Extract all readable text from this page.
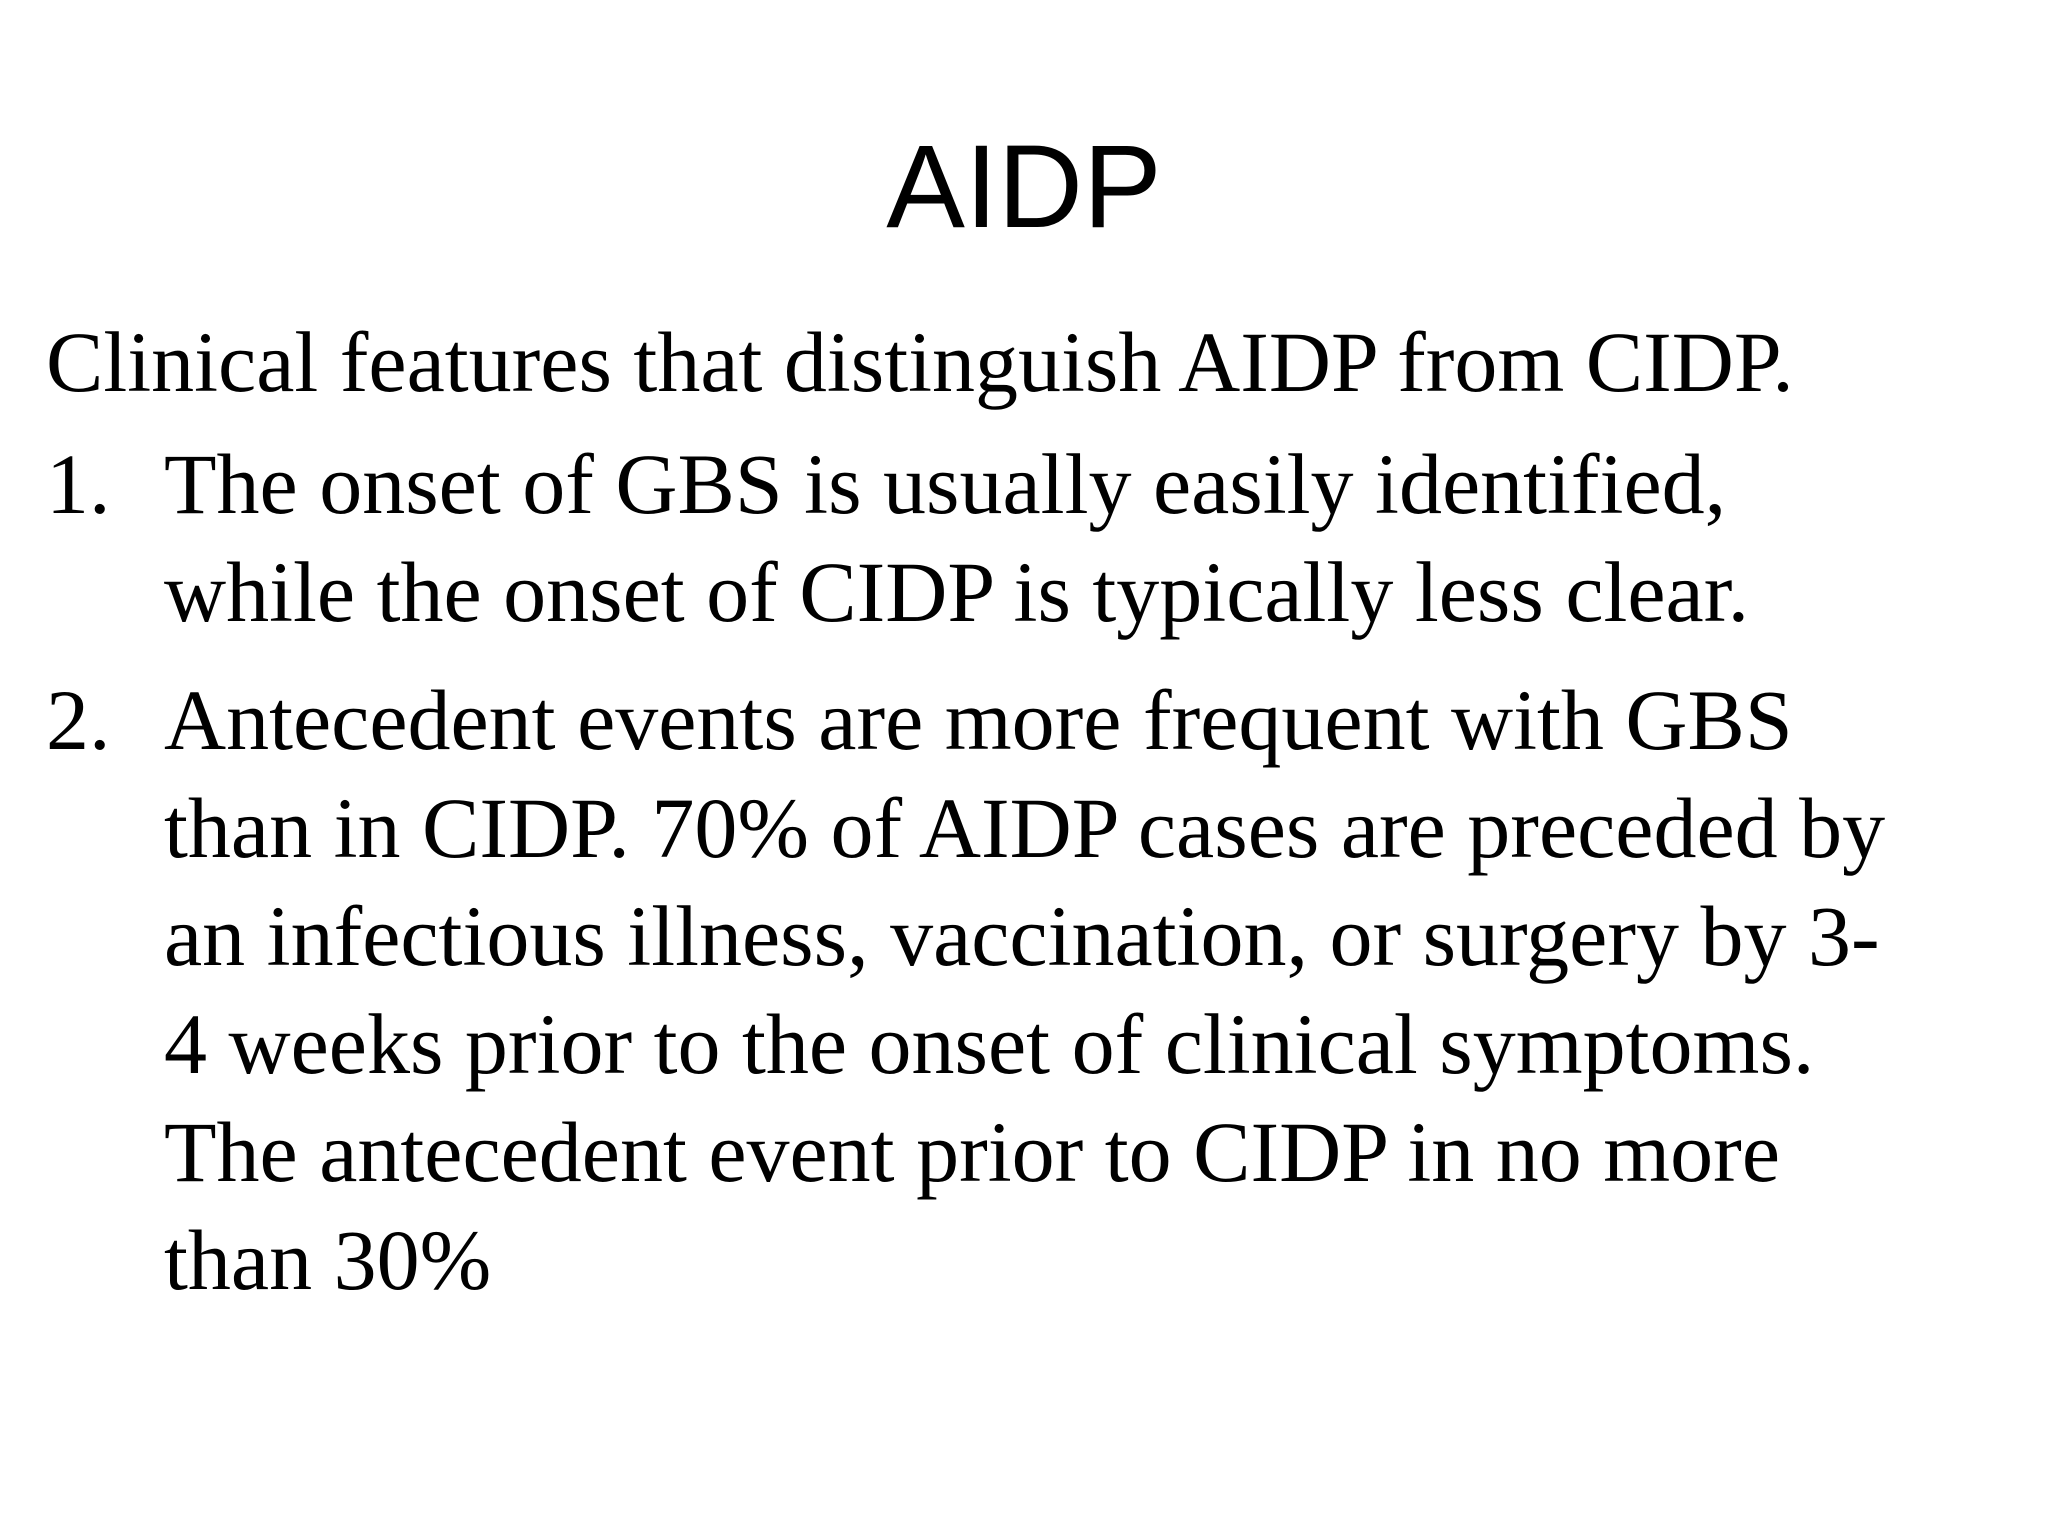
AIDP

Clinical features that distinguish AIDP from CIDP.

1. The onset of GBS is usually easily identified,
while the onset of CIDP is typically less clear.
2. Antecedent events are more frequent with GBS
than in CIDP. 70% of AIDP cases are preceded by
an infectious illness, vaccination, or surgery by 3-
4 weeks prior to the onset of clinical symptoms.
The antecedent event prior to CIDP in no more
than 30%
